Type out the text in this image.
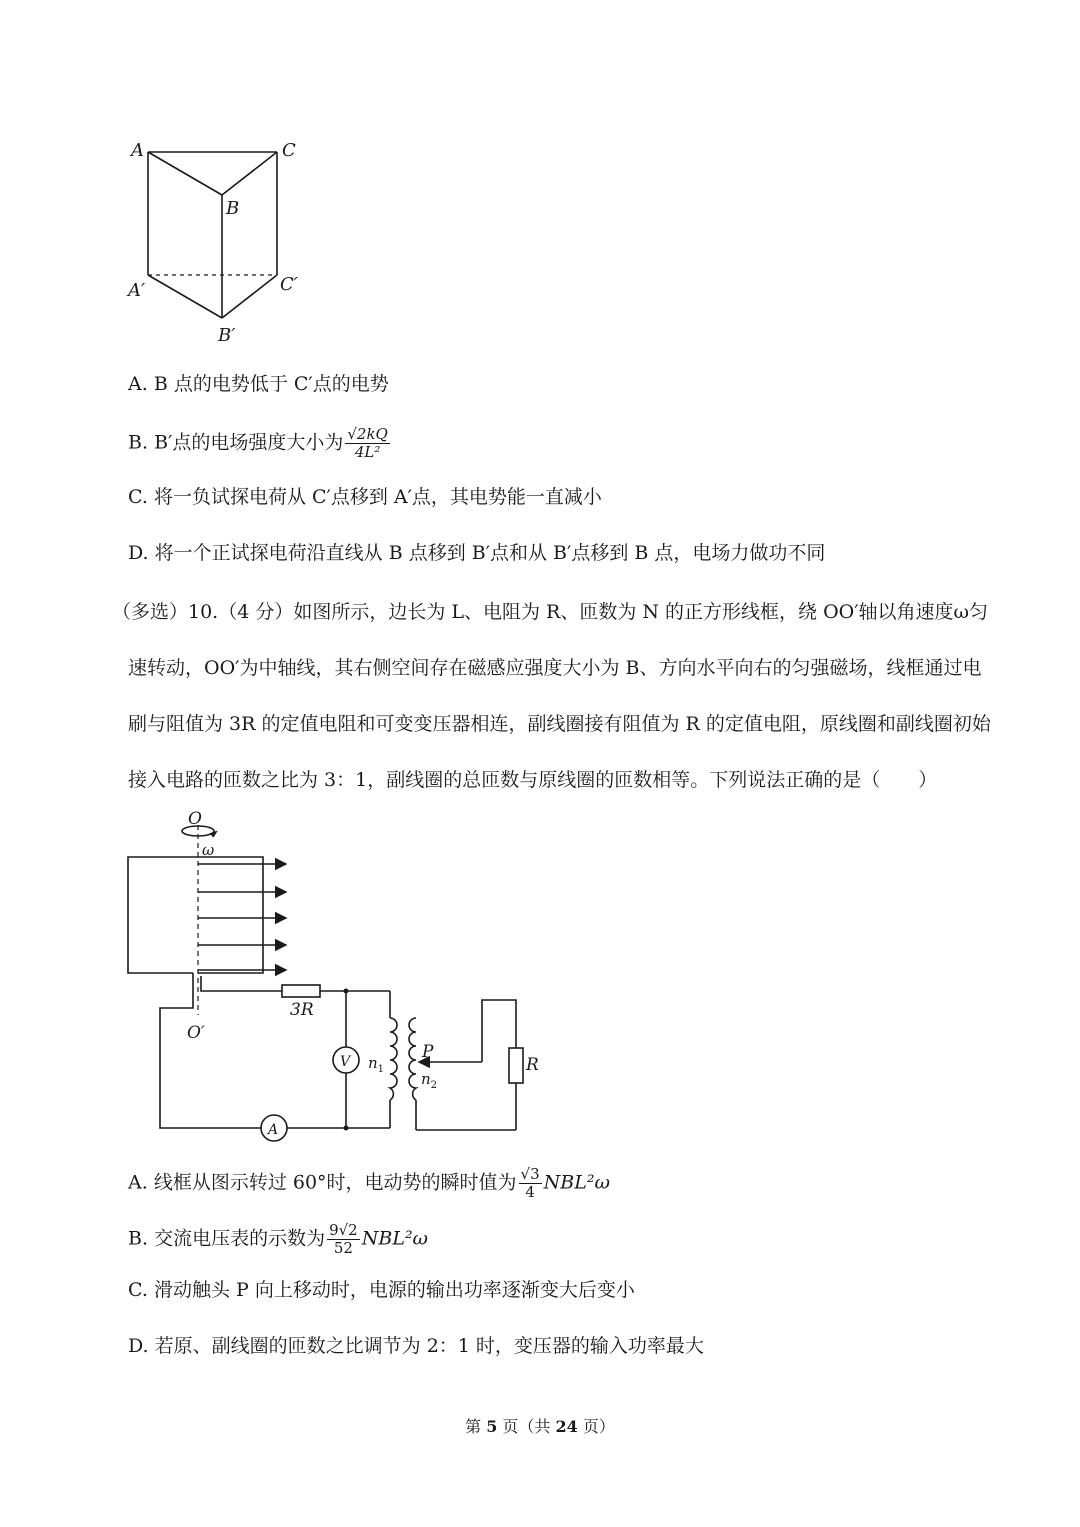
A	C
B
A′	C′
B′
A. B 点的电势低于 C′点的电势
B. B′点的电场强度大小为 $\frac{√2kQ}{\text{4L²}}$
C. 将一负试探电荷从 C′点移到 A′点，其电势能一直减小
D. 将一个正试探电荷沿直线从 B 点移到 B′点和从 B′点移到 B 点，电场力做功不同
（多选）10.（4 分）如图所示，边长为 L、电阻为 R、匝数为 N 的正方形线框，绕 OO′轴以角速度ω匀
速转动，OO′为中轴线，其右侧空间存在磁感应强度大小为 B、方向水平向右的匀强磁场，线框通过电
刷与阻值为 3R 的定值电阻和可变变压器相连，副线圈接有阻值为 R 的定值电阻，原线圈和副线圈初始
接入电路的匝数之比为 3：1，副线圈的总匝数与原线圈的匝数相等。下列说法正确的是（　　）
O
ω
O′
3R
V
A
$n_1$
P
$n_2$
R
A. 线框从图示转过 60°时，电动势的瞬时值为 $\frac{√3}{4} NBL^2\omega$
B. 交流电压表的示数为 $\frac{9√2}{52} NBL^2\omega$
C. 滑动触头 P 向上移动时，电源的输出功率逐渐变大后变小
D. 若原、副线圈的匝数之比调节为 2：1 时，变压器的输入功率最大
第 5 页（共 24 页）
